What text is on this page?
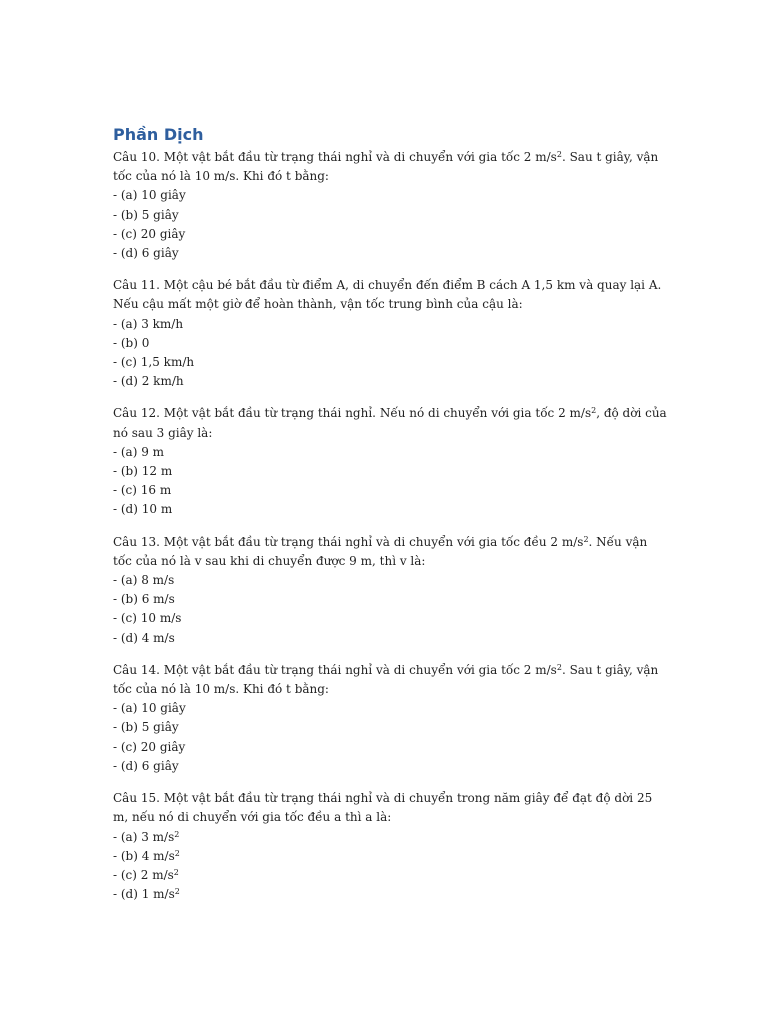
Phần Dịch
Câu 10. Một vật bắt đầu từ trạng thái nghỉ và di chuyển với gia tốc 2 $m/s^2$. Sau t giây, vận
tốc của nó là 10 m/s. Khi đó t bằng:
- (a) 10 giây
- (b) 5 giây
- (c) 20 giây
- (d) 6 giây
Câu 11. Một cậu bé bắt đầu từ điểm A, di chuyển đến điểm B cách A 1,5 km và quay lại A.
Nếu cậu mất một giờ để hoàn thành, vận tốc trung bình của cậu là:
- (a) 3 km/h
- (b) 0
- (c) 1,5 km/h
- (d) 2 km/h
Câu 12. Một vật bắt đầu từ trạng thái nghỉ. Nếu nó di chuyển với gia tốc 2 $m/s^2$, độ dời của
nó sau 3 giây là:
- (a) 9 m
- (b) 12 m
- (c) 16 m
- (d) 10 m
Câu 13. Một vật bắt đầu từ trạng thái nghỉ và di chuyển với gia tốc đều 2 $m/s^2$. Nếu vận
tốc của nó là v sau khi di chuyển được 9 m, thì v là:
- (a) 8 m/s
- (b) 6 m/s
- (c) 10 m/s
- (d) 4 m/s
Câu 14. Một vật bắt đầu từ trạng thái nghỉ và di chuyển với gia tốc 2 $m/s^2$. Sau t giây, vận
tốc của nó là 10 m/s. Khi đó t bằng:
- (a) 10 giây
- (b) 5 giây
- (c) 20 giây
- (d) 6 giây
Câu 15. Một vật bắt đầu từ trạng thái nghỉ và di chuyển trong năm giây để đạt độ dời 25
m, nếu nó di chuyển với gia tốc đều a thì a là:
- (a) 3 $m/s^2$
- (b) 4 $m/s^2$
- (c) 2 $m/s^2$
- (d) 1 $m/s^2$
